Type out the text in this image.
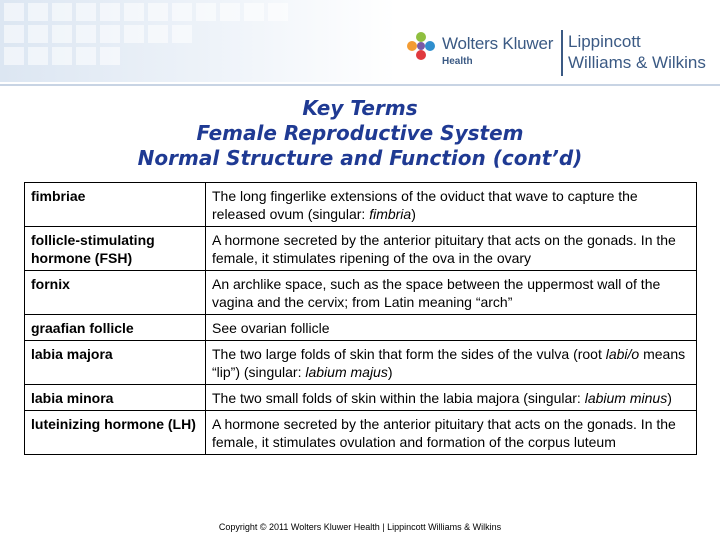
Wolters Kluwer
Health
Lippincott
Williams & Wilkins
Key Terms
Female Reproductive System
Normal Structure and Function (cont’d)
fimbriae	The long fingerlike extensions of the oviduct that wave to capture the released ovum (singular: fimbria)
follicle-stimulating hormone (FSH)	A hormone secreted by the anterior pituitary that acts on the gonads. In the female, it stimulates ripening of the ova in the ovary
fornix	An archlike space, such as the space between the uppermost wall of the vagina and the cervix; from Latin meaning “arch”
graafian follicle	See ovarian follicle
labia majora	The two large folds of skin that form the sides of the vulva (root labi/o means “lip”) (singular: labium majus)
labia minora	The two small folds of skin within the labia majora (singular: labium minus)
luteinizing hormone (LH)	A hormone secreted by the anterior pituitary that acts on the gonads. In the female, it stimulates ovulation and formation of the corpus luteum
Copyright © 2011 Wolters Kluwer Health | Lippincott Williams & Wilkins
